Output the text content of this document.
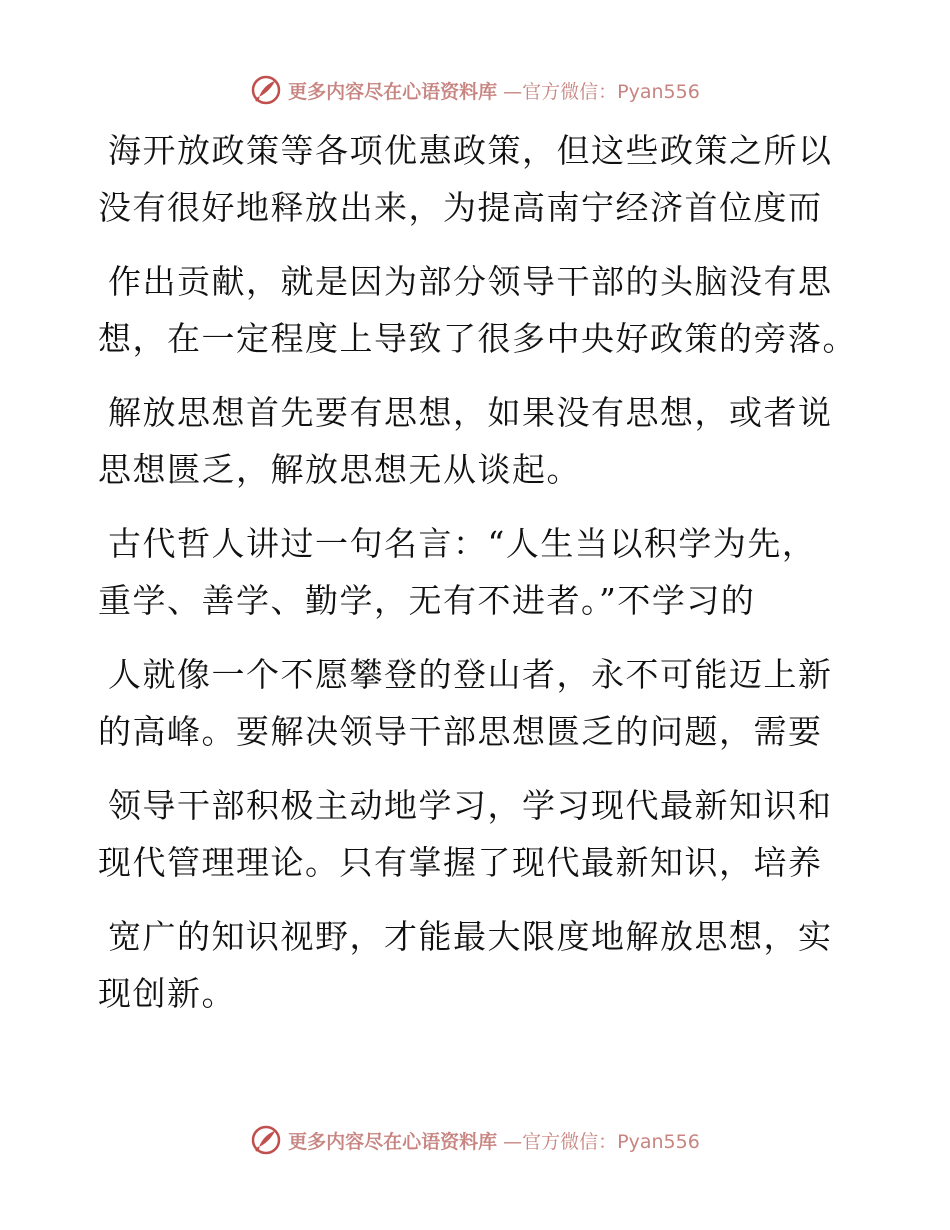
更多内容尽在心语资料库 —官方微信：Pyan556
海开放政策等各项优惠政策，但这些政策之所以
没有很好地释放出来，为提高南宁经济首位度而
作出贡献，就是因为部分领导干部的头脑没有思
想，在一定程度上导致了很多中央好政策的旁落。
解放思想首先要有思想，如果没有思想，或者说
思想匮乏，解放思想无从谈起。
古代哲人讲过一句名言：“人生当以积学为先，
重学、善学、勤学，无有不进者。”不学习的
人就像一个不愿攀登的登山者，永不可能迈上新
的高峰。要解决领导干部思想匮乏的问题，需要
领导干部积极主动地学习，学习现代最新知识和
现代管理理论。只有掌握了现代最新知识，培养
宽广的知识视野，才能最大限度地解放思想，实
现创新。
更多内容尽在心语资料库 —官方微信：Pyan556
